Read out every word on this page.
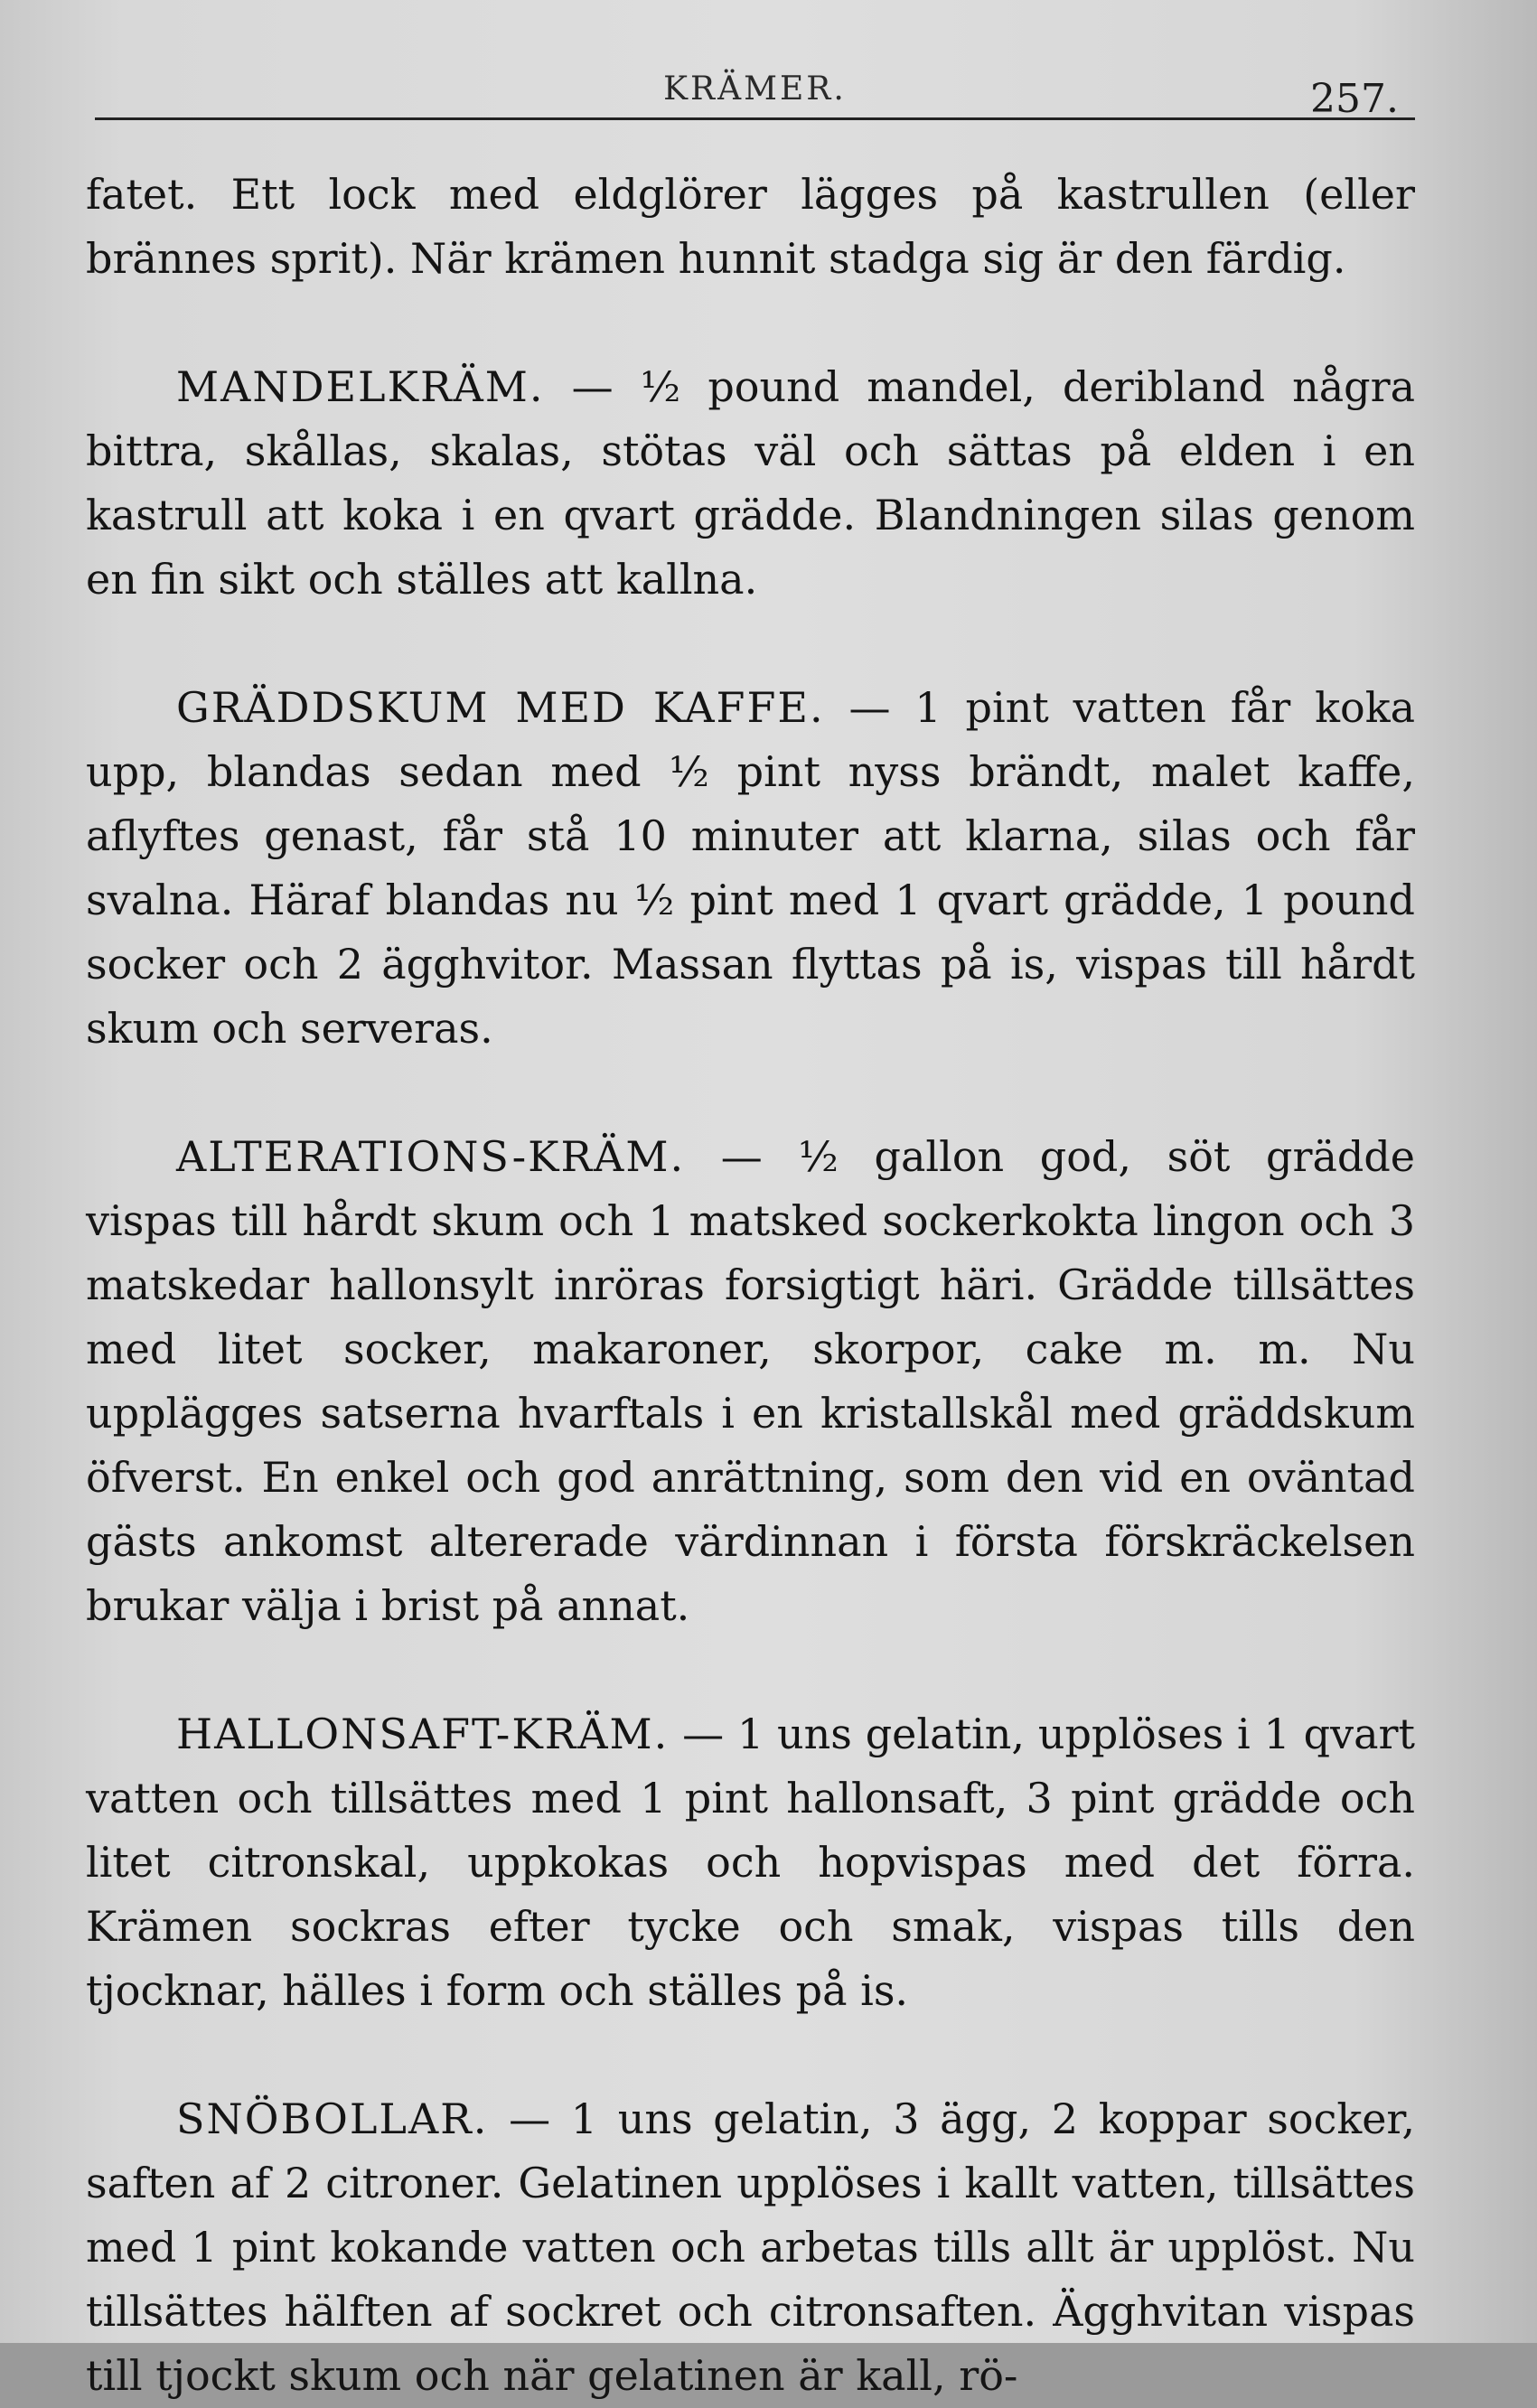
KRÄMER.	257.

fatet. Ett lock med eldglörer lägges på kastrullen (eller brännes sprit). När krämen hunnit stadga sig är den färdig.

MANDELKRÄM. — ½ pound mandel, deribland några bittra, skållas, skalas, stötas väl och sättas på elden i en kastrull att koka i en qvart grädde. Blandningen silas genom en fin sikt och ställes att kallna.

GRÄDDSKUM MED KAFFE. — 1 pint vatten får koka upp, blandas sedan med ½ pint nyss brändt, malet kaffe, aflyftes genast, får stå 10 minuter att klarna, silas och får svalna. Häraf blandas nu ½ pint med 1 qvart grädde, 1 pound socker och 2 ägghvitor. Massan flyttas på is, vispas till hårdt skum och serveras.

ALTERATIONS-KRÄM. — ½ gallon god, söt grädde vispas till hårdt skum och 1 matsked sockerkokta lingon och 3 matskedar hallonsylt inröras forsigtigt häri. Grädde tillsättes med litet socker, makaroner, skorpor, cake m. m. Nu upplägges satserna hvarftals i en kristallskål med gräddskum öfverst. En enkel och god anrättning, som den vid en oväntad gästs ankomst altererade värdinnan i första förskräckelsen brukar välja i brist på annat.

HALLONSAFT-KRÄM. — 1 uns gelatin, upplöses i 1 qvart vatten och tillsättes med 1 pint hallonsaft, 3 pint grädde och litet citronskal, uppkokas och hopvispas med det förra. Krämen sockras efter tycke och smak, vispas tills den tjocknar, hälles i form och ställes på is.

SNÖBOLLAR. — 1 uns gelatin, 3 ägg, 2 koppar socker, saften af 2 citroner. Gelatinen upplöses i kallt vatten, tillsättes med 1 pint kokande vatten och arbetas tills allt är upplöst. Nu tillsättes hälften af sockret och citronsaften. Ägghvitan vispas till tjockt skum och när gelatinen är kall, rö-
